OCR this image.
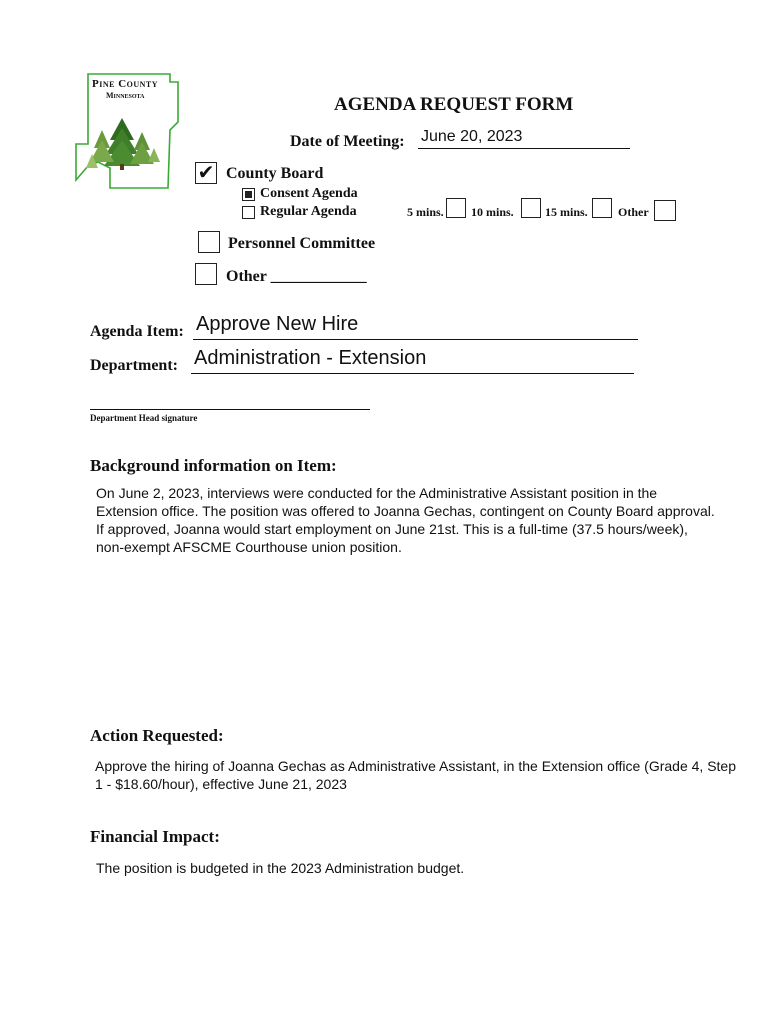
Pine County
Minnesota	AGENDA REQUEST FORM
Date of Meeting: June 20, 2023
✔ County Board
Consent Agenda
Regular Agenda	5 mins. 10 mins.	15 mins.	Other
Personnel Committee
Other ____________
Agenda Item: Approve New Hire
Department: Administration - Extension
Department Head signature
Background information on Item:
On June 2, 2023, interviews were conducted for the Administrative Assistant position in the Extension office. The position was offered to Joanna Gechas, contingent on County Board approval. If approved, Joanna would start employment on June 21st. This is a full-time (37.5 hours/week), non-exempt AFSCME Courthouse union position.
Action Requested:
Approve the hiring of Joanna Gechas as Administrative Assistant, in the Extension office (Grade 4, Step 1 - $18.60/hour), effective June 21, 2023
Financial Impact:
The position is budgeted in the 2023 Administration budget.
